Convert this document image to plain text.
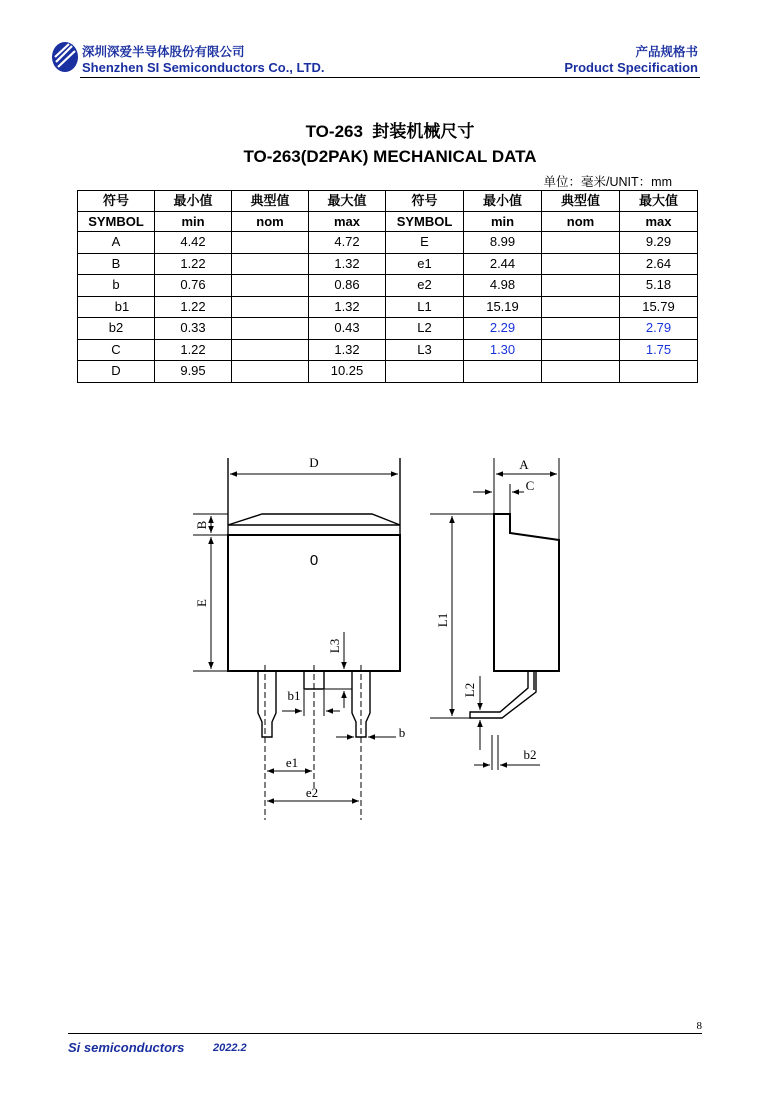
深圳深爱半导体股份有限公司
Shenzhen SI Semiconductors Co., LTD.
产品规格书
Product Specification
TO-263  封装机械尺寸
TO-263(D2PAK) MECHANICAL DATA
单位：毫米/UNIT：mm
符号	最小值	典型值	最大值	符号	最小值	典型值	最大值
SYMBOL	min	nom	max	SYMBOL	min	nom	max
A	4.42		4.72	E	8.99		9.29
B	1.22		1.32	e1	2.44		2.64
b	0.76		0.86	e2	4.98		5.18
b1	1.22		1.32	L1	15.19		15.79
b2	0.33		0.43	L2	2.29		2.79
C	1.22		1.32	L3	1.30		1.75
D	9.95		10.25				
D
B
E
0
L3
b1
b
e1
e2
A
C
L1
L2
b2
8
Si semiconductors	2022.2
